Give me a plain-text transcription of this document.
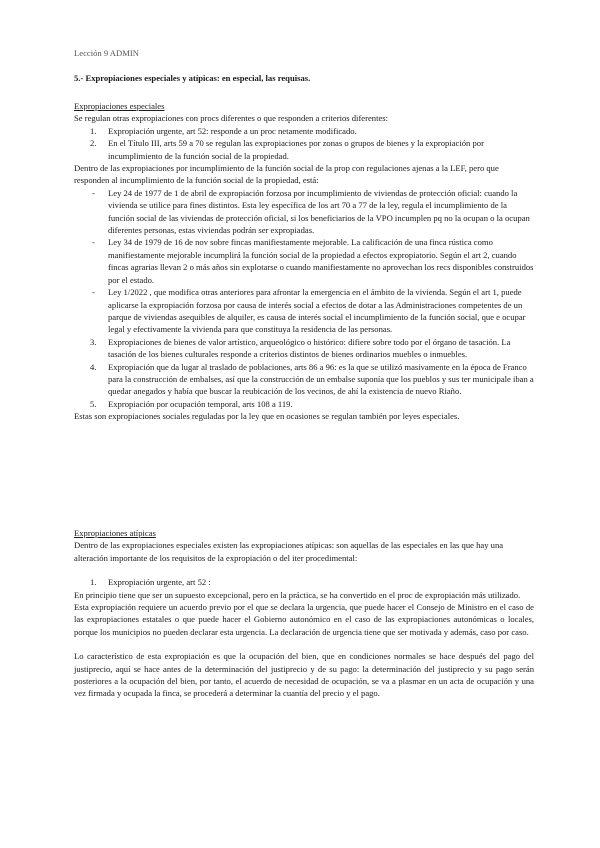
Lección 9 ADMIN
5.- Expropiaciones especiales y atípicas: en especial, las requisas.
Expropiaciones especiales

Se regulan otras expropiaciones con procs diferentes o que responden a criterios diferentes:

1. Expropiación urgente, art 52: responde a un proc netamente modificado.
2. En el Título III, arts 59 a 70 se regulan las expropiaciones por zonas o grupos de bienes y la expropiación por incumplimiento de la función social de la propiedad.

Dentro de las expropiaciones por incumplimiento de la función social de la prop con regulaciones ajenas a la LEF, pero que responden al incumplimiento de la función social de la propiedad, está:

- Ley 24 de 1977 de 1 de abril de expropiación forzosa por incumplimiento de viviendas de protección oficial: cuando la vivienda se utilice para fines distintos. Esta ley específica de los art 70 a 77 de la ley, regula el incumplimiento de la función social de las viviendas de protección oficial, si los beneficiarios de la VPO incumplen pq no la ocupan o la ocupan diferentes personas, estas viviendas podrán ser expropiadas.
- Ley 34 de 1979 de 16 de nov sobre fincas manifiestamente mejorable. La calificación de una finca rústica como manifiestamente mejorable incumplirá la función social de la propiedad a efectos expropiatorio. Según el art 2, cuando fincas agrarias llevan 2 o más años sin explotarse o cuando manifiestamente no aprovechan los recs disponibles construidos por el estado.
- Ley 1/2022 , que modifica otras anteriores para afrontar la emergencia en el ámbito de la vivienda. Según el art 1, puede aplicarse la expropiación forzosa por causa de interés social a efectos de dotar a las Administraciones competentes de un parque de viviendas asequibles de alquiler, es causa de interés social el incumplimiento de la función social, que e ocupar legal y efectivamente la vivienda para que constituya la residencia de las personas.
3. Expropiaciones de bienes de valor artístico, arqueológico o histórico: difiere sobre todo por el órgano de tasación. La tasación de los bienes culturales responde a criterios distintos de bienes ordinarios muebles o inmuebles.
4. Expropiación que da lugar al traslado de poblaciones, arts 86 a 96: es la que se utilizó masivamente en la época de Franco para la construcción de embalses, así que la construcción de un embalse suponía que los pueblos y sus ter municipale iban a quedar anegados y había que buscar la reubicación de los vecinos, de ahí la existencia de nuevo Riaño.
5. Expropiación por ocupación temporal, arts 108 a 119.

Estas son expropiaciones sociales reguladas por la ley que en ocasiones se regulan también por leyes especiales.

Expropiaciones atípicas

Dentro de las expropiaciones especiales existen las expropiaciones atípicas: son aquellas de las especiales en las que hay una alteración importante de los requisitos de la expropiación o del iter procedimental:

1. Expropiación urgente, art 52 :

En principio tiene que ser un supuesto excepcional, pero en la práctica, se ha convertido en el proc de expropiación más utilizado.

Esta expropiación requiere un acuerdo previo por el que se declara la urgencia, que puede hacer el Consejo de Ministro en el caso de las expropiaciones estatales o que puede hacer el Gobierno autonómico en el caso de las expropiaciones autonómicas o locales, porque los municipios no pueden declarar esta urgencia. La declaración de urgencia tiene que ser motivada y además, caso por caso.

Lo característico de esta expropiación es que la ocupación del bien, que en condiciones normales se hace después del pago del justiprecio, aquí se hace antes de la determinación del justiprecio y de su pago: la determinación del justiprecio y su pago serán posteriores a la ocupación del bien, por tanto, el acuerdo de necesidad de ocupación, se va a plasmar en un acta de ocupación y una vez firmada y ocupada la finca, se procederá a determinar la cuantía del precio y el pago.
